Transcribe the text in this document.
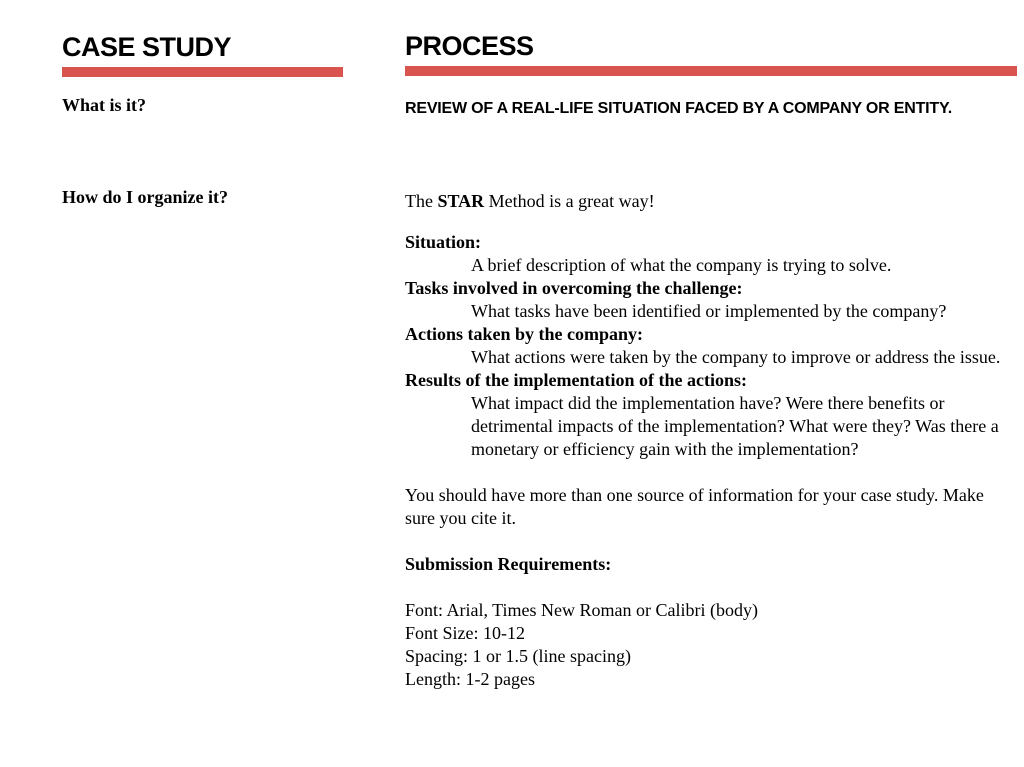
CASE STUDY

What is it?

How do I organize it?

PROCESS

REVIEW OF A REAL-LIFE SITUATION FACED BY A COMPANY OR ENTITY.

The STAR Method is a great way!

Situation:

A brief description of what the company is trying to solve.

Tasks involved in overcoming the challenge:

What tasks have been identified or implemented by the company?

Actions taken by the company:

What actions were taken by the company to improve or address the issue.

Results of the implementation of the actions:

What impact did the implementation have? Were there benefits or detrimental impacts of the implementation? What were they? Was there a monetary or efficiency gain with the implementation?

You should have more than one source of information for your case study. Make sure you cite it.

Submission Requirements:

Font: Arial, Times New Roman or Calibri (body)

Font Size: 10-12

Spacing: 1 or 1.5 (line spacing)

Length: 1-2 pages
